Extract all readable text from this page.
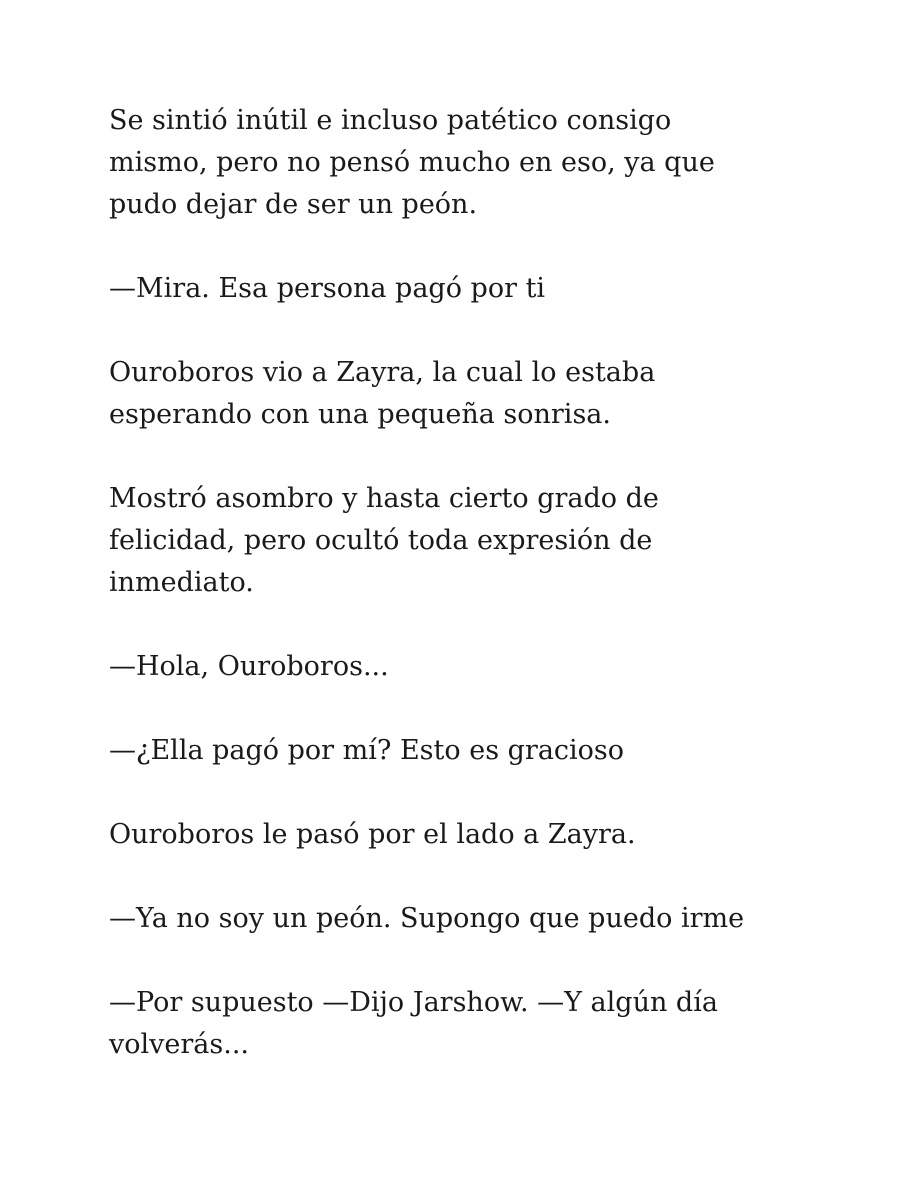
Se sintió inútil e incluso patético consigo
mismo, pero no pensó mucho en eso, ya que
pudo dejar de ser un peón.

—Mira. Esa persona pagó por ti

Ouroboros vio a Zayra, la cual lo estaba
esperando con una pequeña sonrisa.

Mostró asombro y hasta cierto grado de
felicidad, pero ocultó toda expresión de
inmediato.

—Hola, Ouroboros...

—¿Ella pagó por mí? Esto es gracioso

Ouroboros le pasó por el lado a Zayra.

—Ya no soy un peón. Supongo que puedo irme

—Por supuesto —Dijo Jarshow. —Y algún día
volverás...
